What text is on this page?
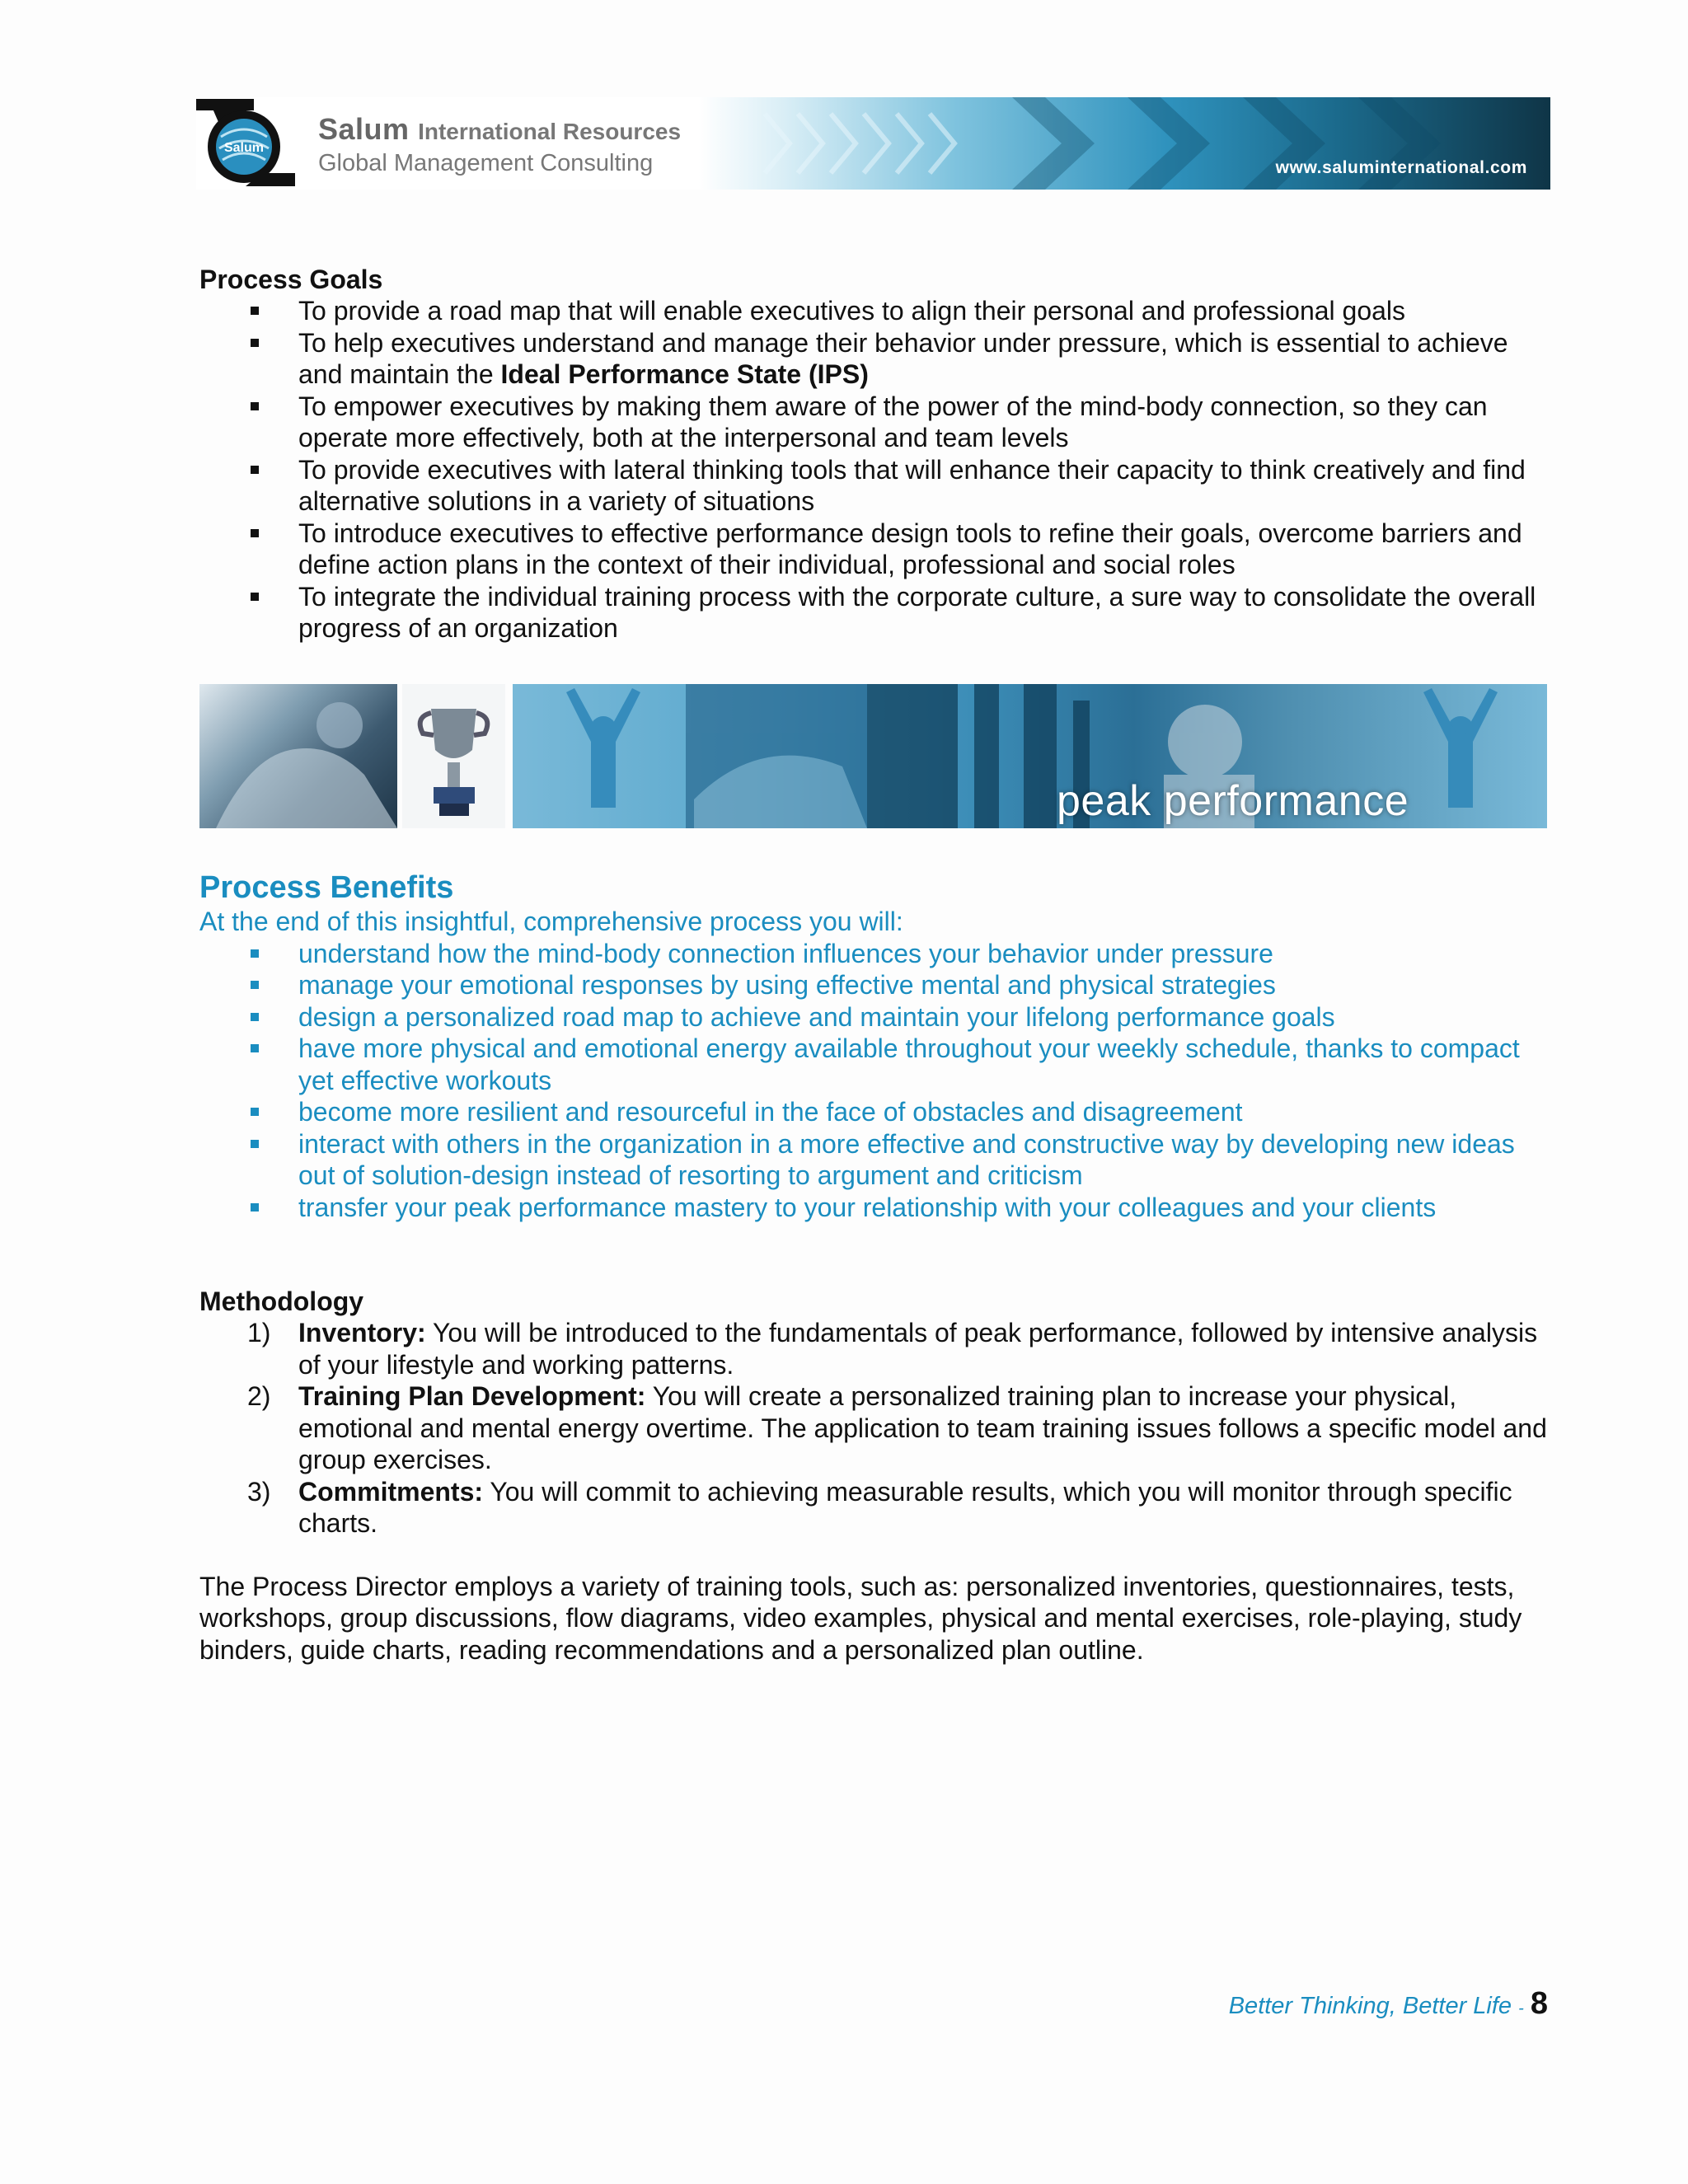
Salum
Salum International Resources
Global Management Consulting	www.saluminternational.com

Process Goals

To provide a road map that will enable executives to align their personal and professional goals
To help executives understand and manage their behavior under pressure, which is essential to achieve and maintain the Ideal Performance State (IPS)
To empower executives by making them aware of the power of the mind-body connection, so they can operate more effectively, both at the interpersonal and team levels
To provide executives with lateral thinking tools that will enhance their capacity to think creatively and find alternative solutions in a variety of situations
To introduce executives to effective performance design tools to refine their goals, overcome barriers and define action plans in the context of their individual, professional and social roles
To integrate the individual training process with the corporate culture, a sure way to consolidate the overall progress of an organization
peak performance

Process Benefits

At the end of this insightful, comprehensive process you will:

understand how the mind-body connection influences your behavior under pressure
manage your emotional responses by using effective mental and physical strategies
design a personalized road map to achieve and maintain your lifelong performance goals
have more physical and emotional energy available throughout your weekly schedule, thanks to compact yet effective workouts
become more resilient and resourceful in the face of obstacles and disagreement
interact with others in the organization in a more effective and constructive way by developing new ideas out of solution-design instead of resorting to argument and criticism
transfer your peak performance mastery to your relationship with your colleagues and your clients

Methodology

1) Inventory: You will be introduced to the fundamentals of peak performance, followed by intensive analysis of your lifestyle and working patterns.
2) Training Plan Development: You will create a personalized training plan to increase your physical, emotional and mental energy overtime. The application to team training issues follows a specific model and group exercises.
3) Commitments: You will commit to achieving measurable results, which you will monitor through specific charts.

The Process Director employs a variety of training tools, such as: personalized inventories, questionnaires, tests, workshops, group discussions, flow diagrams, video examples, physical and mental exercises, role-playing, study binders, guide charts, reading recommendations and a personalized plan outline.

Better Thinking, Better Life - 8
